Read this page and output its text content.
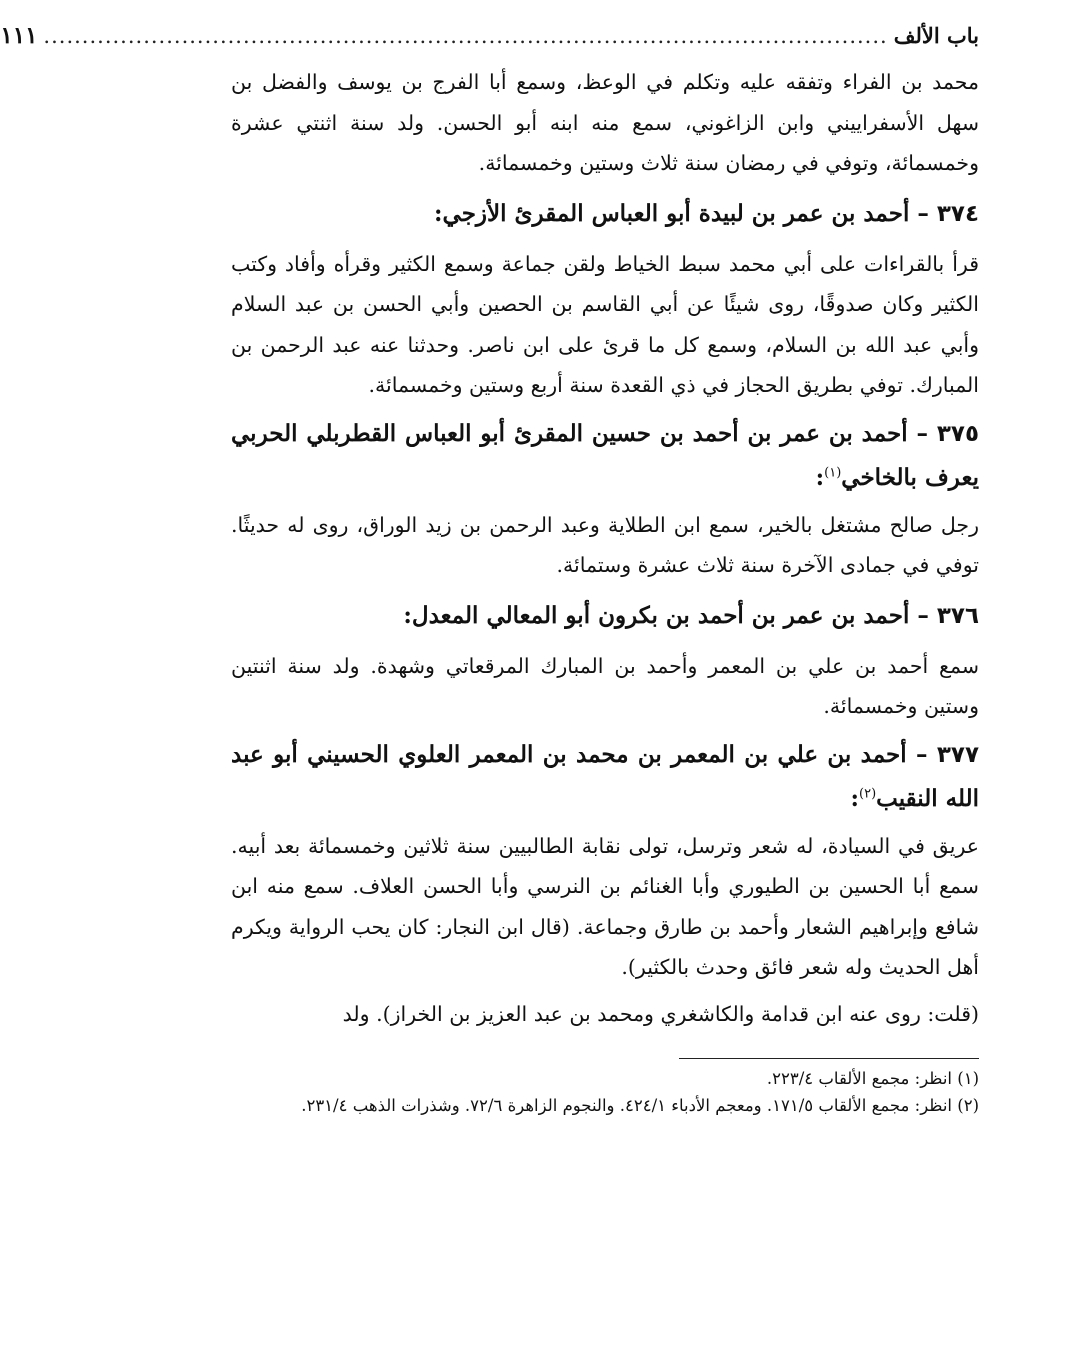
باب الألف
..............................................................................................................
١١١

محمد بن الفراء وتفقه عليه وتكلم في الوعظ، وسمع أبا الفرج بن يوسف والفضل بن سهل الأسفراييني وابن الزاغوني، سمع منه ابنه أبو الحسن. ولد سنة اثنتي عشرة وخمسمائة، وتوفي في رمضان سنة ثلاث وستين وخمسمائة.

٣٧٤ – أحمد بن عمر بن لبيدة أبو العباس المقرئ الأزجي:

قرأ بالقراءات على أبي محمد سبط الخياط ولقن جماعة وسمع الكثير وقرأه وأفاد وكتب الكثير وكان صدوقًا، روى شيئًا عن أبي القاسم بن الحصين وأبي الحسن بن عبد السلام وأبي عبد الله بن السلام، وسمع كل ما قرئ على ابن ناصر. وحدثنا عنه عبد الرحمن بن المبارك. توفي بطريق الحجاز في ذي القعدة سنة أربع وستين وخمسمائة.

٣٧٥ – أحمد بن عمر بن أحمد بن حسين المقرئ أبو العباس القطربلي الحربي يعرف بالخاخي$^{(١)}$:

رجل صالح مشتغل بالخير، سمع ابن الطلاية وعبد الرحمن بن زيد الوراق، روى له حديثًا. توفي في جمادى الآخرة سنة ثلاث عشرة وستمائة.

٣٧٦ – أحمد بن عمر بن أحمد بن بكرون أبو المعالي المعدل:

سمع أحمد بن علي بن المعمر وأحمد بن المبارك المرقعاتي وشهدة. ولد سنة اثنتين وستين وخمسمائة.

٣٧٧ – أحمد بن علي بن المعمر بن محمد بن المعمر العلوي الحسيني أبو عبد الله النقيب$^{(٢)}$:

عريق في السيادة، له شعر وترسل، تولى نقابة الطالبيين سنة ثلاثين وخمسمائة بعد أبيه. سمع أبا الحسين بن الطيوري وأبا الغنائم بن النرسي وأبا الحسن العلاف. سمع منه ابن شافع وإبراهيم الشعار وأحمد بن طارق وجماعة. (قال ابن النجار: كان يحب الرواية ويكرم أهل الحديث وله شعر فائق وحدث بالكثير).

(قلت: روى عنه ابن قدامة والكاشغري ومحمد بن عبد العزيز بن الخراز). ولد

(١) انظر: مجمع الألقاب ٢٢٣/٤.

(٢) انظر: مجمع الألقاب ١٧١/٥. ومعجم الأدباء ٤٢٤/١. والنجوم الزاهرة ٧٢/٦. وشذرات الذهب ٢٣١/٤.
